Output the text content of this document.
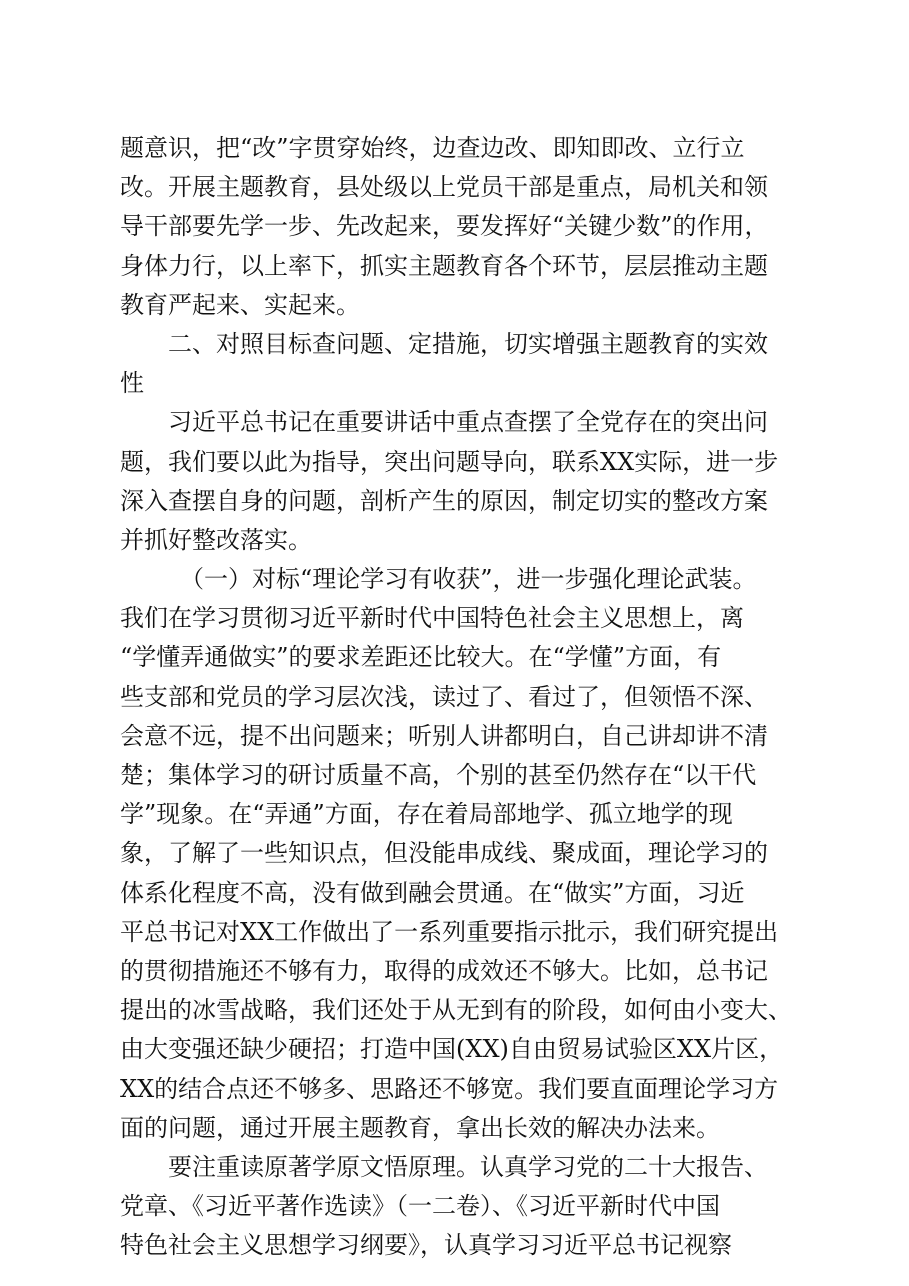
题意识，把“改”字贯穿始终，边查边改、即知即改、立行立
改。开展主题教育，县处级以上党员干部是重点，局机关和领
导干部要先学一步、先改起来，要发挥好“关键少数”的作用，
身体力行，以上率下，抓实主题教育各个环节，层层推动主题
教育严起来、实起来。
二、对照目标查问题、定措施，切实增强主题教育的实效
性
习近平总书记在重要讲话中重点查摆了全党存在的突出问
题，我们要以此为指导，突出问题导向，联系XX实际，进一步
深入查摆自身的问题，剖析产生的原因，制定切实的整改方案
并抓好整改落实。
（一）对标“理论学习有收获”，进一步强化理论武装。
我们在学习贯彻习近平新时代中国特色社会主义思想上，离
“学懂弄通做实”的要求差距还比较大。在“学懂”方面，有
些支部和党员的学习层次浅，读过了、看过了，但领悟不深、
会意不远，提不出问题来；听别人讲都明白，自己讲却讲不清
楚；集体学习的研讨质量不高，个别的甚至仍然存在“以干代
学”现象。在“弄通”方面，存在着局部地学、孤立地学的现
象，了解了一些知识点，但没能串成线、聚成面，理论学习的
体系化程度不高，没有做到融会贯通。在“做实”方面，习近
平总书记对XX工作做出了一系列重要指示批示，我们研究提出
的贯彻措施还不够有力，取得的成效还不够大。比如，总书记
提出的冰雪战略，我们还处于从无到有的阶段，如何由小变大、
由大变强还缺少硬招；打造中国(XX)自由贸易试验区XX片区，
XX的结合点还不够多、思路还不够宽。我们要直面理论学习方
面的问题，通过开展主题教育，拿出长效的解决办法来。
要注重读原著学原文悟原理。认真学习党的二十大报告、
党章、《习近平著作选读》（一二卷）、《习近平新时代中国
特色社会主义思想学习纲要》，认真学习习近平总书记视察
